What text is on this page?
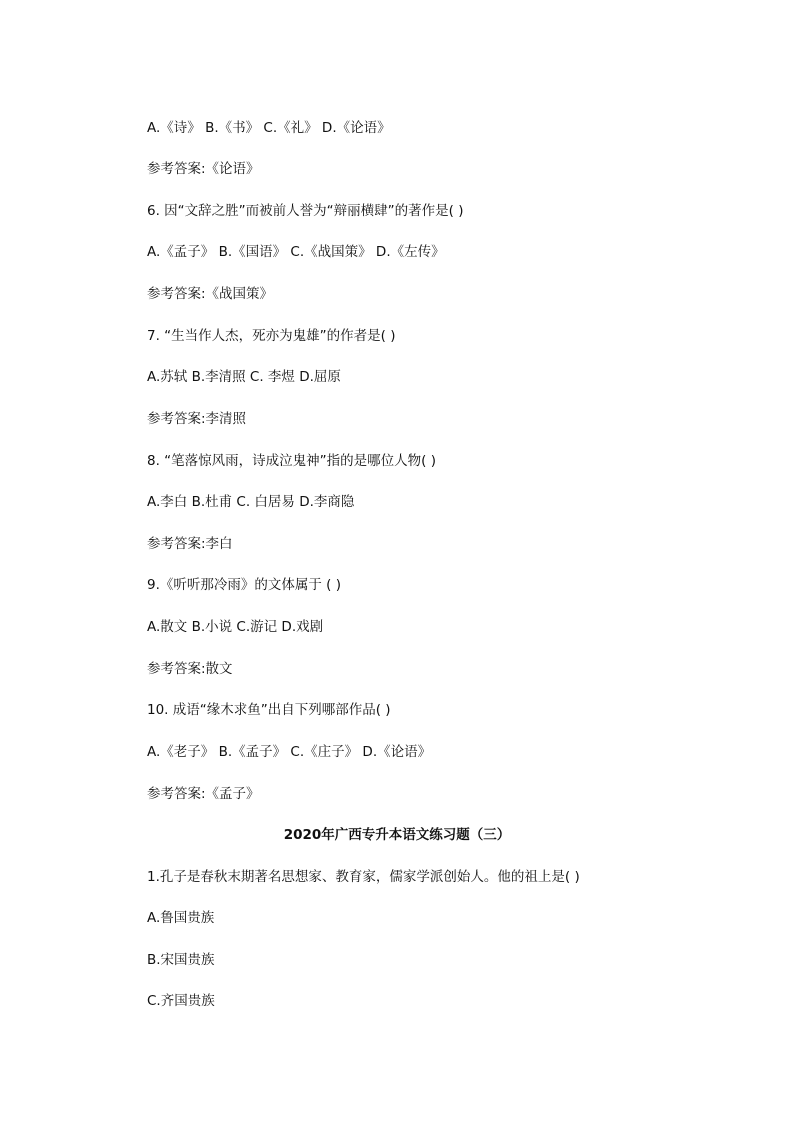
A.《诗》 B.《书》 C.《礼》 D.《论语》
参考答案:《论语》
6. 因“文辞之胜”而被前人誉为“辩丽横肆”的著作是( )
A.《孟子》 B.《国语》 C.《战国策》 D.《左传》
参考答案:《战国策》
7. “生当作人杰，死亦为鬼雄”的作者是( )
A.苏轼 B.李清照 C. 李煜 D.屈原
参考答案:李清照
8. “笔落惊风雨，诗成泣鬼神”指的是哪位人物( )
A.李白 B.杜甫 C. 白居易 D.李商隐
参考答案:李白
9.《听听那冷雨》的文体属于 ( )
A.散文 B.小说 C.游记 D.戏剧
参考答案:散文
10. 成语“缘木求鱼”出自下列哪部作品( )
A.《老子》 B.《孟子》 C.《庄子》 D.《论语》
参考答案:《孟子》
2020年广西专升本语文练习题（三）
1.孔子是春秋末期著名思想家、教育家，儒家学派创始人。他的祖上是( )
A.鲁国贵族
B.宋国贵族
C.齐国贵族
